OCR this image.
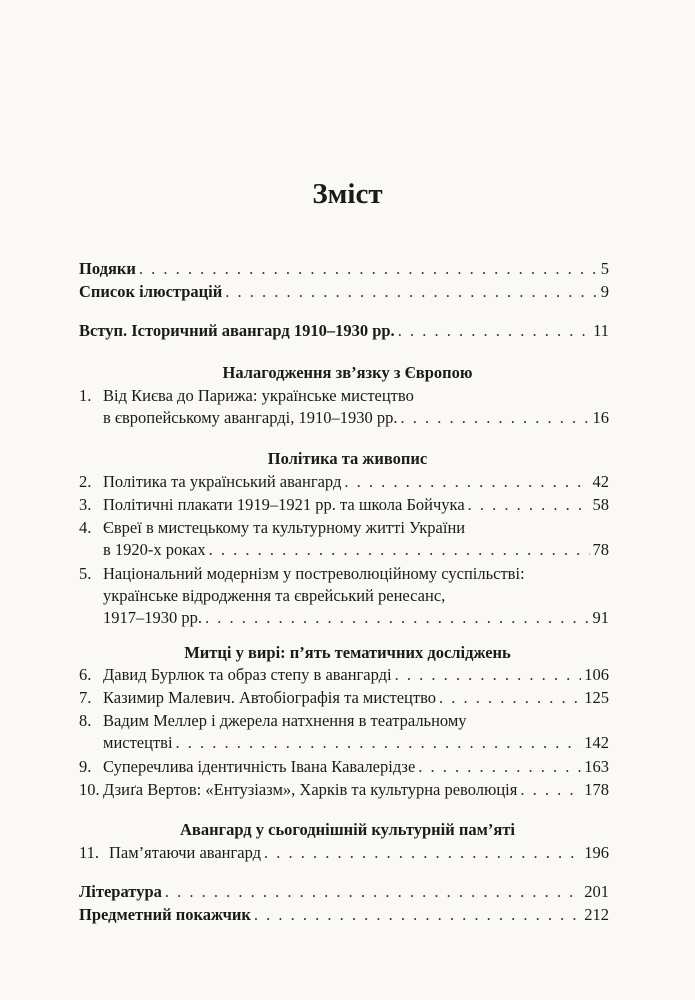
Зміст
Подяки . . .	5
Список ілюстрацій . . .	9
Вступ. Історичний авангард 1910–1930 рр. . . .	11
Налагодження зв’язку з Європою
1. Від Києва до Парижа: українське мистецтво
в європейському авангарді, 1910–1930 рр. . . .	16
Політика та живопис
2. Політика та український авангард . . .	42
3. Політичні плакати 1919–1921 рр. та школа Бойчука . . .	58
4. Євреї в мистецькому та культурному житті України
в 1920-х роках . . .	78
5. Національний модернізм у постреволюційному суспільстві:
українське відродження та єврейський ренесанс,
1917–1930 рр. . . .	91
Митці у вирі: п’ять тематичних досліджень
6. Давид Бурлюк та образ степу в авангарді . . .	106
7. Казимир Малевич. Автобіографія та мистецтво . . .	125
8. Вадим Меллер і джерела натхнення в театральному
мистецтві . . .	142
9. Суперечлива ідентичність Івана Кавалерідзе . . .	163
10. Дзиґа Вертов: «Ентузіазм», Харків та культурна революція . . .	178
Авангард у сьогоднішній культурній пам’яті
11. Пам’ятаючи авангард . . .	196
Література . . .	201
Предметний покажчик . . .	212
